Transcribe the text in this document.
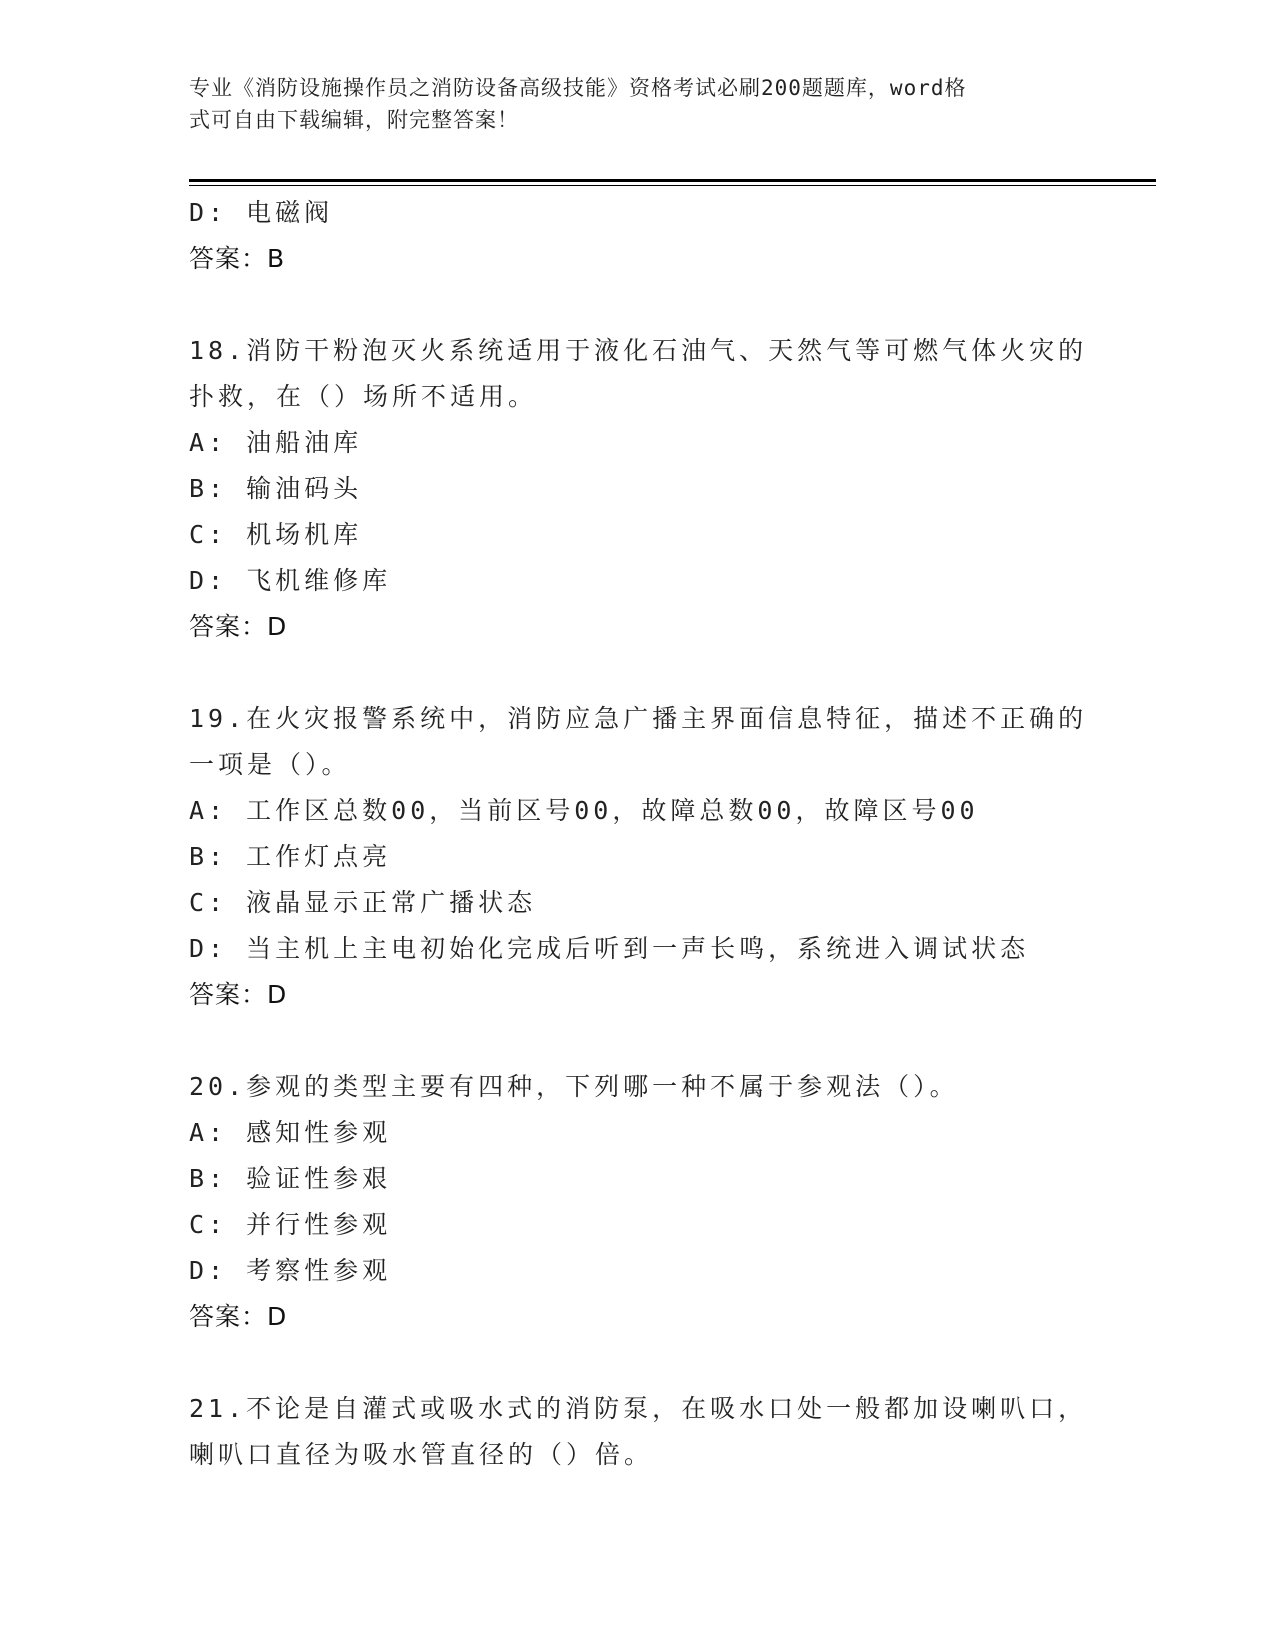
专业《消防设施操作员之消防设备高级技能》资格考试必刷200题题库，word格
式可自由下载编辑，附完整答案！
D: 电磁阀
答案：B
18.消防干粉泡灭火系统适用于液化石油气、天然气等可燃气体火灾的
扑救，在（）场所不适用。
A: 油船油库
B: 输油码头
C: 机场机库
D: 飞机维修库
答案：D
19.在火灾报警系统中，消防应急广播主界面信息特征，描述不正确的
一项是（）。
A: 工作区总数00，当前区号00，故障总数00，故障区号00
B: 工作灯点亮
C: 液晶显示正常广播状态
D: 当主机上主电初始化完成后听到一声长鸣，系统进入调试状态
答案：D
20.参观的类型主要有四种，下列哪一种不属于参观法（）。
A: 感知性参观
B: 验证性参艰
C: 并行性参观
D: 考察性参观
答案：D
21.不论是自灌式或吸水式的消防泵，在吸水口处一般都加设喇叭口，
喇叭口直径为吸水管直径的（）倍。
